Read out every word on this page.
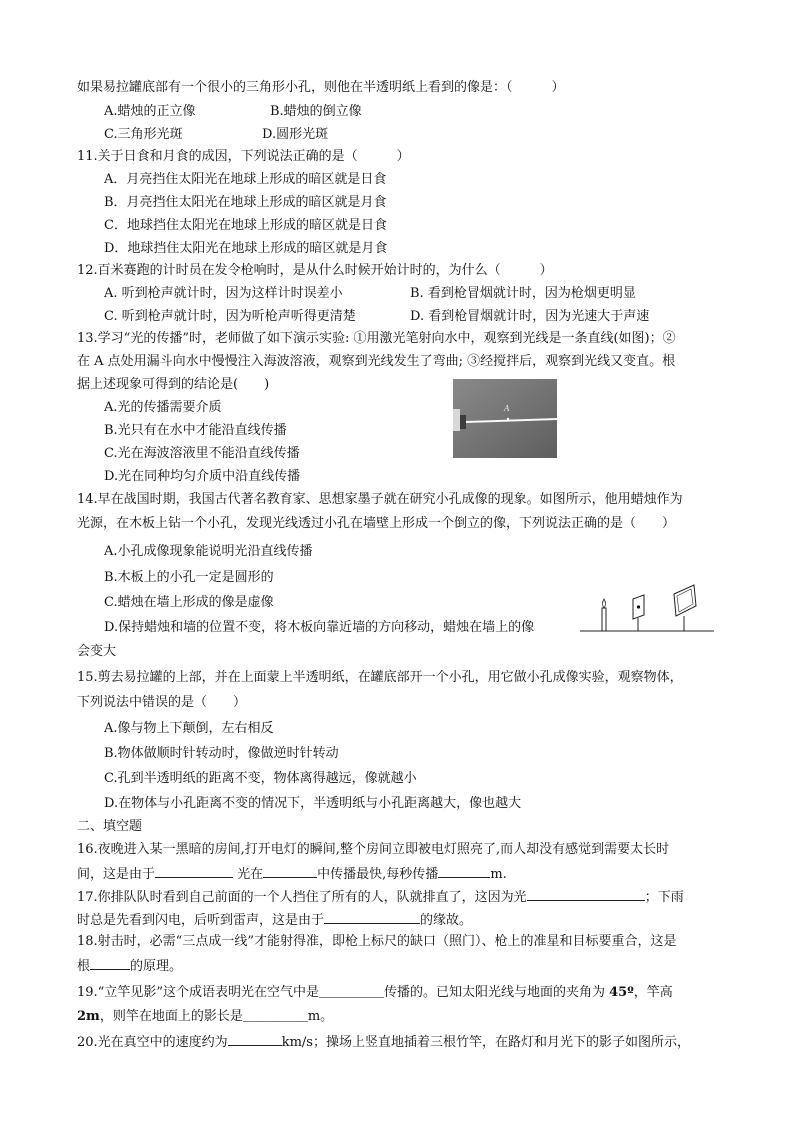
如果易拉罐底部有一个很小的三角形小孔，则他在半透明纸上看到的像是：（　　　）
A.蜡烛的正立像	B.蜡烛的倒立像
C.三角形光斑	D.圆形光斑
11.关于日食和月食的成因，下列说法正确的是（　　　）
A．月亮挡住太阳光在地球上形成的暗区就是日食
B．月亮挡住太阳光在地球上形成的暗区就是月食
C．地球挡住太阳光在地球上形成的暗区就是日食
D．地球挡住太阳光在地球上形成的暗区就是月食
12.百米赛跑的计时员在发令枪响时，是从什么时候开始计时的，为什么（　　　）
A. 听到枪声就计时，因为这样计时误差小	B. 看到枪冒烟就计时，因为枪烟更明显
C. 听到枪声就计时，因为听枪声听得更清楚	D. 看到枪冒烟就计时，因为光速大于声速
13.学习“光的传播”时，老师做了如下演示实验: ①用激光笔射向水中，观察到光线是一条直线(如图)；②
在 A 点处用漏斗向水中慢慢注入海波溶液，观察到光线发生了弯曲; ③经搅拌后，观察到光线又变直。根
据上述现象可得到的结论是(　　)
A.光的传播需要介质
B.光只有在水中才能沿直线传播
C.光在海波溶液里不能沿直线传播
D.光在同种均匀介质中沿直线传播
A
14.早在战国时期，我国古代著名教育家、思想家墨子就在研究小孔成像的现象。如图所示，他用蜡烛作为
光源，在木板上钻一个小孔，发现光线透过小孔在墙壁上形成一个倒立的像，下列说法正确的是（　　）
A.小孔成像现象能说明光沿直线传播
B.木板上的小孔一定是圆形的
C.蜡烛在墙上形成的像是虚像
D.保持蜡烛和墙的位置不变，将木板向靠近墙的方向移动，蜡烛在墙上的像
会变大
15.剪去易拉罐的上部，并在上面蒙上半透明纸，在罐底部开一个小孔，用它做小孔成像实验，观察物体，
下列说法中错误的是（　　）
A.像与物上下颠倒，左右相反
B.物体做顺时针转动时，像做逆时针转动
C.孔到半透明纸的距离不变，物体离得越远，像就越小
D.在物体与小孔距离不变的情况下，半透明纸与小孔距离越大，像也越大
二、填空题
16.夜晚进入某一黑暗的房间,打开电灯的瞬间,整个房间立即被电灯照亮了,而人却没有感觉到需要太长时
间，这是由于	光在	中传播最快,每秒传播	m.
17.你排队队时看到自己前面的一个人挡住了所有的人，队就排直了，这因为光	；下雨
时总是先看到闪电，后听到雷声，这是由于	的缘故。
18.射击时，必需“三点成一线”才能射得准，即枪上标尺的缺口（照门）、枪上的准星和目标要重合，这是
根	的原理。
19.“立竿见影”这个成语表明光在空气中是＿＿＿＿＿传播的。已知太阳光线与地面的夹角为 45º，竿高
2m，则竿在地面上的影长是＿＿＿＿＿m。
20.光在真空中的速度约为	km/s；操场上竖直地插着三根竹竿，在路灯和月光下的影子如图所示，
